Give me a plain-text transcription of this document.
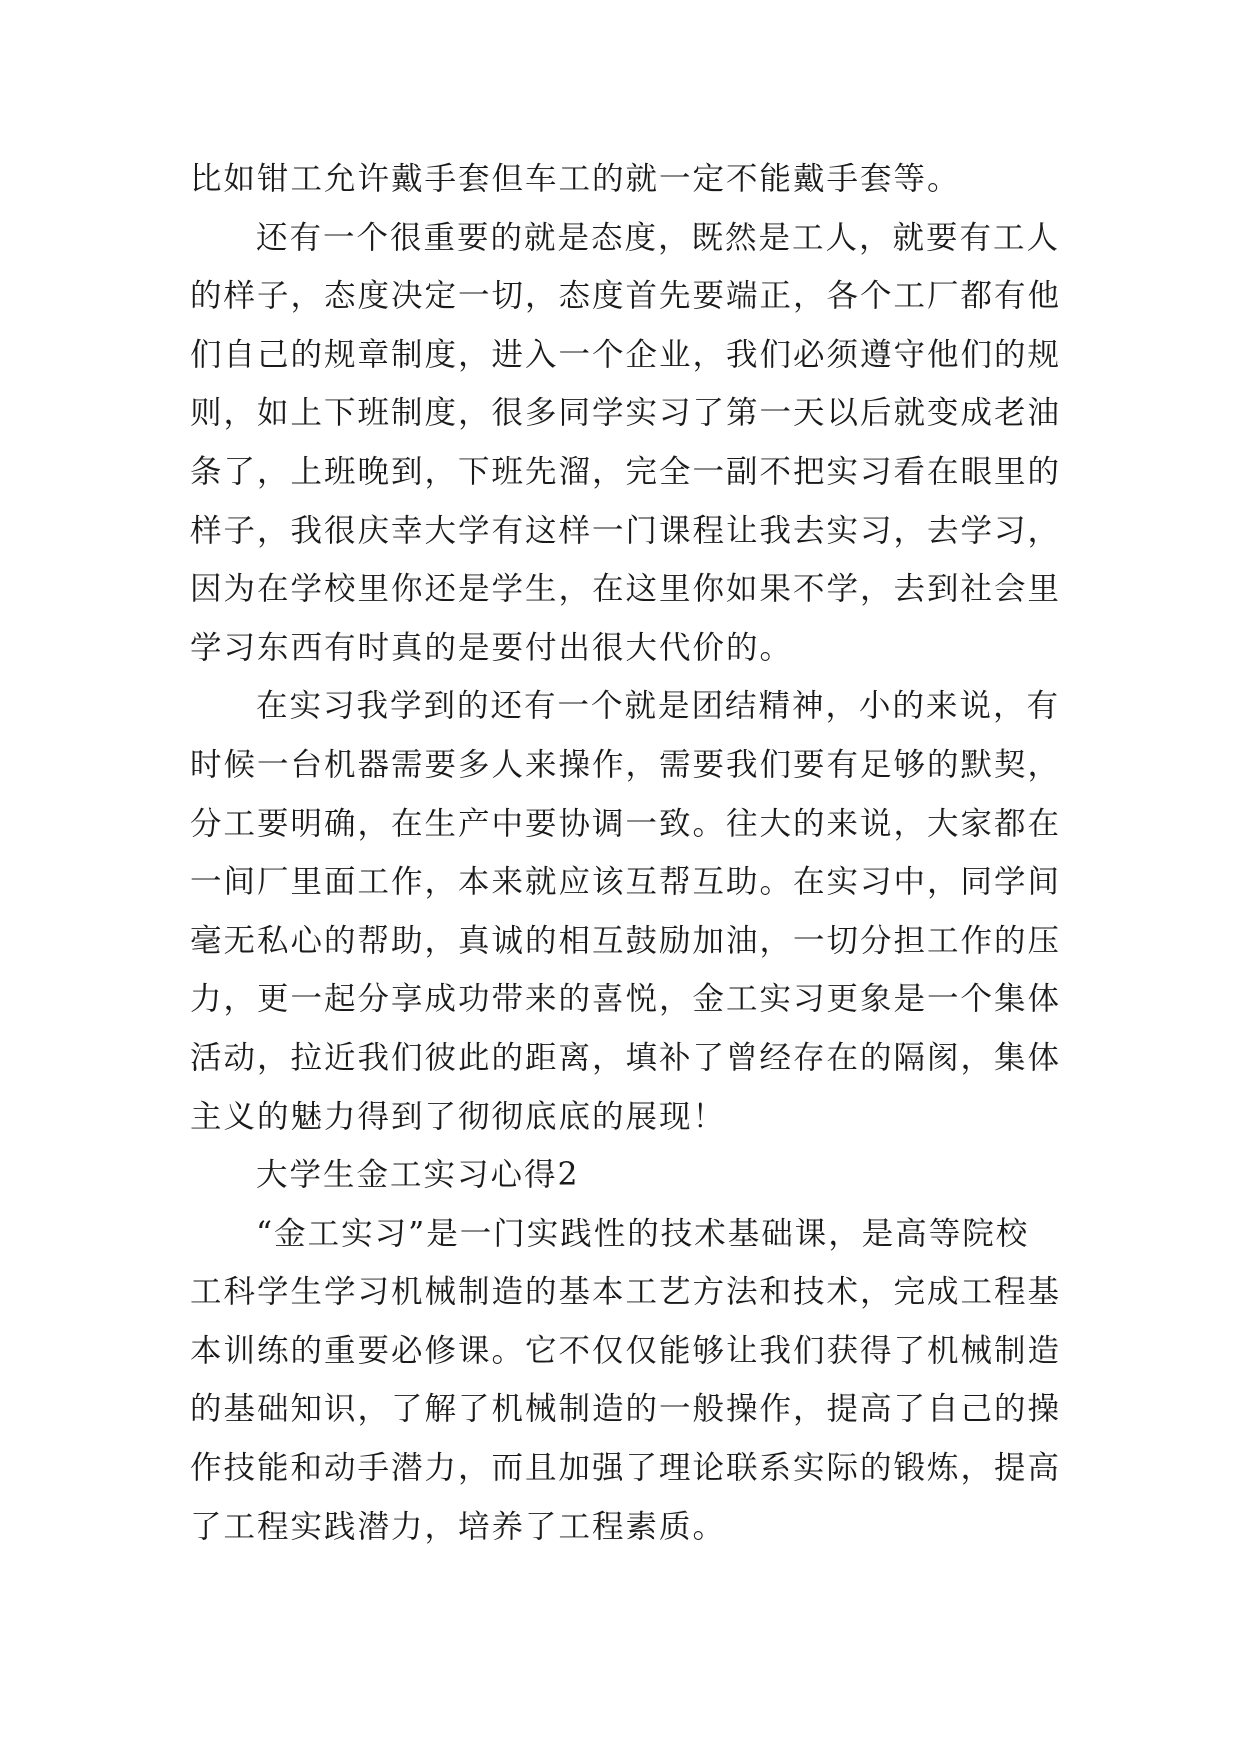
比如钳工允许戴手套但车工的就一定不能戴手套等。
还有一个很重要的就是态度，既然是工人，就要有工人
的样子，态度决定一切，态度首先要端正，各个工厂都有他
们自己的规章制度，进入一个企业，我们必须遵守他们的规
则，如上下班制度，很多同学实习了第一天以后就变成老油
条了，上班晚到，下班先溜，完全一副不把实习看在眼里的
样子，我很庆幸大学有这样一门课程让我去实习，去学习，
因为在学校里你还是学生，在这里你如果不学，去到社会里
学习东西有时真的是要付出很大代价的。
在实习我学到的还有一个就是团结精神，小的来说，有
时候一台机器需要多人来操作，需要我们要有足够的默契，
分工要明确，在生产中要协调一致。往大的来说，大家都在
一间厂里面工作，本来就应该互帮互助。在实习中，同学间
毫无私心的帮助，真诚的相互鼓励加油，一切分担工作的压
力，更一起分享成功带来的喜悦，金工实习更象是一个集体
活动，拉近我们彼此的距离，填补了曾经存在的隔阂，集体
主义的魅力得到了彻彻底底的展现！
大学生金工实习心得2
“金工实习”是一门实践性的技术基础课，是高等院校
工科学生学习机械制造的基本工艺方法和技术，完成工程基
本训练的重要必修课。它不仅仅能够让我们获得了机械制造
的基础知识，了解了机械制造的一般操作，提高了自己的操
作技能和动手潜力，而且加强了理论联系实际的锻炼，提高
了工程实践潜力，培养了工程素质。
